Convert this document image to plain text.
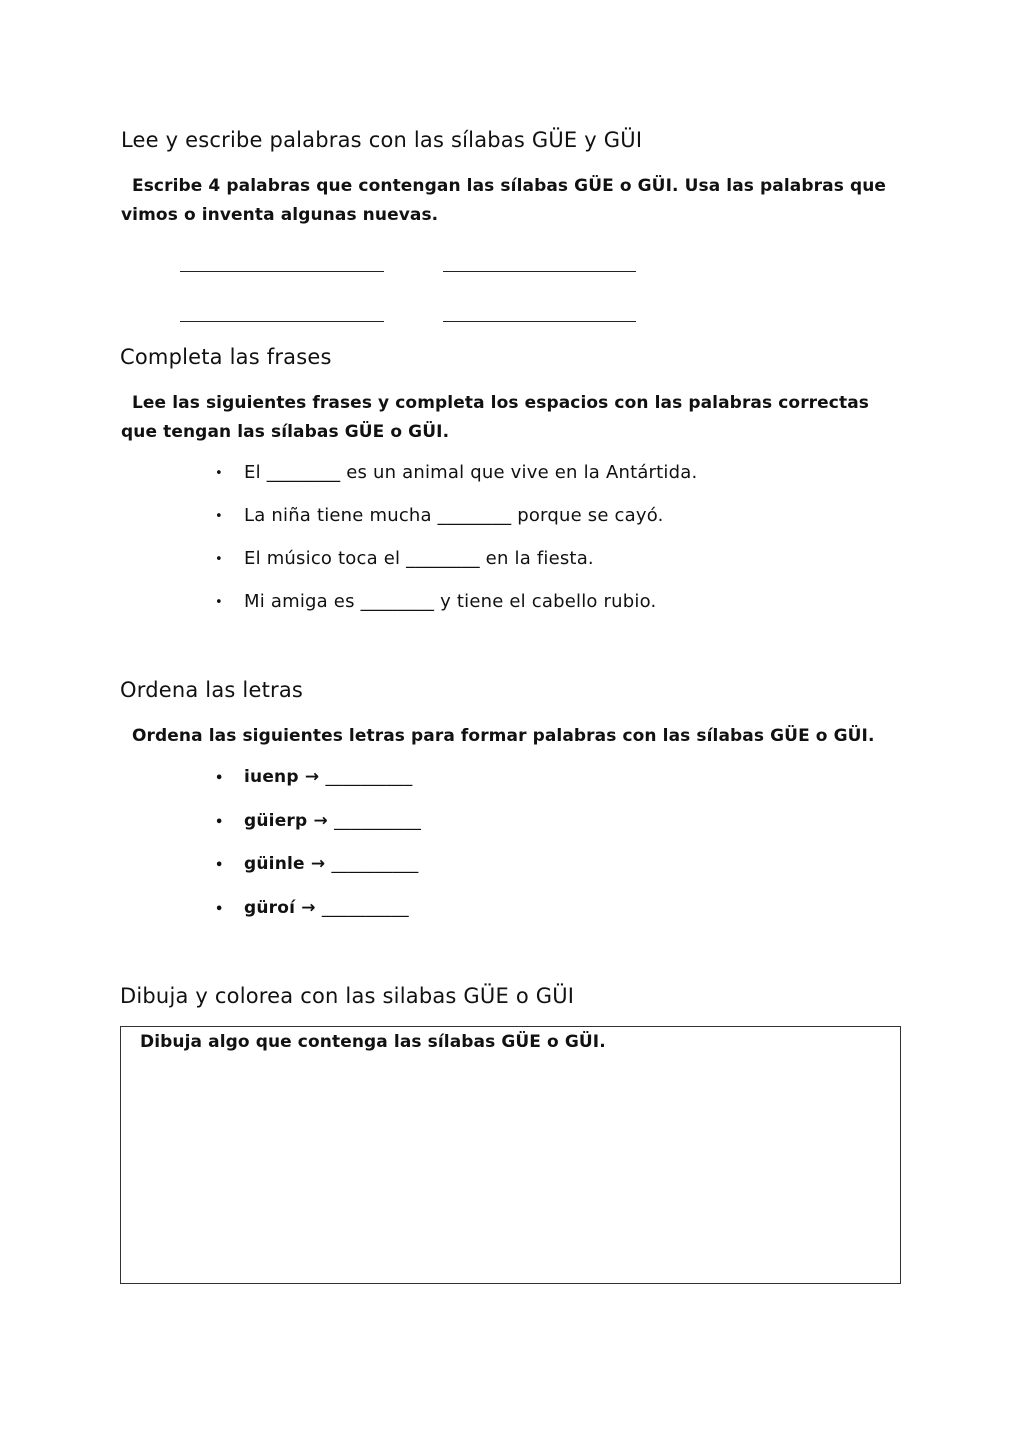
Lee y escribe palabras con las sílabas GÜE y GÜI
Escribe 4 palabras que contengan las sílabas GÜE o GÜI. Usa las palabras que vimos o inventa algunas nuevas.
Completa las frases
Lee las siguientes frases y completa los espacios con las palabras correctas que tengan las sílabas GÜE o GÜI.
• El ________ es un animal que vive en la Antártida.
• La niña tiene mucha ________ porque se cayó.
• El músico toca el ________ en la fiesta.
• Mi amiga es ________ y tiene el cabello rubio.
Ordena las letras
Ordena las siguientes letras para formar palabras con las sílabas GÜE o GÜI.
• iuenp → __________
• güierp → __________
• güinle → __________
• güroí → __________
Dibuja y colorea con las silabas GÜE o GÜI
Dibuja algo que contenga las sílabas GÜE o GÜI.
